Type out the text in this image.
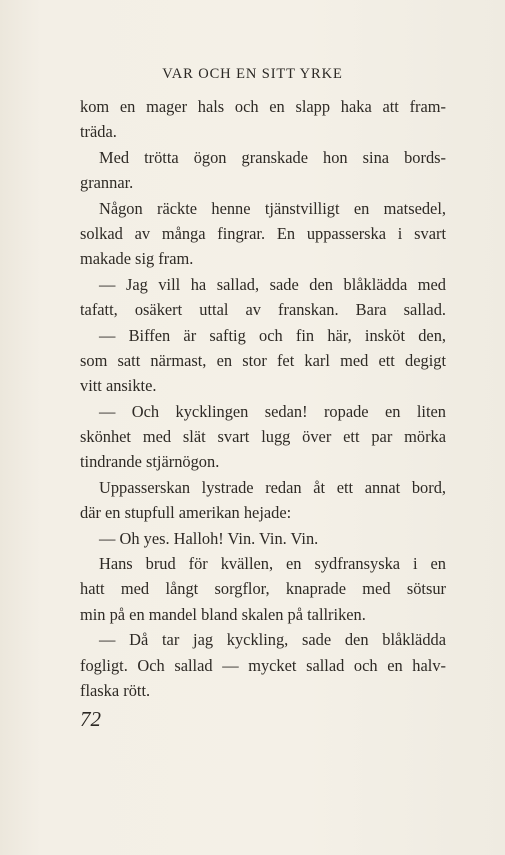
VAR OCH EN SITT YRKE
kom en mager hals och en slapp haka att fram-
träda.
Med trötta ögon granskade hon sina bords-
grannar.
Någon räckte henne tjänstvilligt en matsedel,
solkad av många fingrar. En uppasserska i svart
makade sig fram.
— Jag vill ha sallad, sade den blåklädda med
tafatt, osäkert uttal av franskan. Bara sallad.
— Biffen är saftig och fin här, insköt den,
som satt närmast, en stor fet karl med ett degigt
vitt ansikte.
— Och kycklingen sedan! ropade en liten
skönhet med slät svart lugg över ett par mörka
tindrande stjärnögon.
Uppasserskan lystrade redan åt ett annat bord,
där en stupfull amerikan hejade:
— Oh yes. Halloh! Vin. Vin. Vin.
Hans brud för kvällen, en sydfransyska i en
hatt med långt sorgflor, knaprade med sötsur
min på en mandel bland skalen på tallriken.
— Då tar jag kyckling, sade den blåklädda
fogligt. Och sallad — mycket sallad och en halv-
flaska rött.
72
